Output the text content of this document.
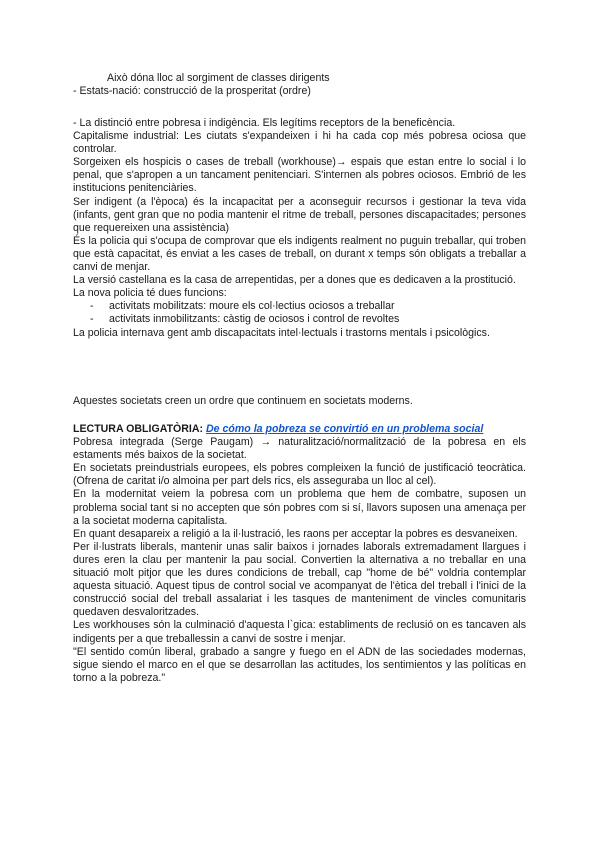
Això dóna lloc al sorgiment de classes dirigents

- Estats-nació: construcció de la prosperitat (ordre)

- La distinció entre pobresa i indigència. Els legítims receptors de la beneficència.

Capitalisme industrial: Les ciutats s'expandeixen i hi ha cada cop més pobresa ociosa que controlar.

Sorgeixen els hospicis o cases de treball (workhouse)→ espais que estan entre lo social i lo penal, que s'apropen a un tancament penitenciari. S'internen als pobres ociosos. Embrió de les institucions penitenciàries.

Ser indigent (a l'època) és la incapacitat per a aconseguir recursos i gestionar la teva vida (infants, gent gran que no podia mantenir el ritme de treball, persones discapacitades; persones que requereixen una assistència)

És la policia qui s'ocupa de comprovar que els indigents realment no puguin treballar, qui troben que està capacitat, és enviat a les cases de treball, on durant x temps són obligats a treballar a canvi de menjar.

La versió castellana es la casa de arrepentidas, per a dones que es dedicaven a la prostitució.

La nova policia té dues funcions:

- activitats mobilitzats: moure els col·lectius ociosos a treballar
- activitats inmobilitzants: càstig de ociosos i control de revoltes

La policia internava gent amb discapacitats intel·lectuals i trastorns mentals i psicològics.

Aquestes societats creen un ordre que continuem en societats moderns.

LECTURA OBLIGATÒRIA: De cómo la pobreza se convirtió en un problema social

Pobresa integrada (Serge Paugam) → naturalització/normalització de la pobresa en els estaments més baixos de la societat.

En societats preindustrials europees, els pobres compleixen la funció de justificació teocràtica. (Ofrena de caritat i/o almoina per part dels rics, els asseguraba un lloc al cel).

En la modernitat veiem la pobresa com un problema que hem de combatre, suposen un problema social tant si no accepten que són pobres com si sí, llavors suposen una amenaça per a la societat moderna capitalista.

En quant desapareix a religió a la il·lustració, les raons per acceptar la pobres es desvaneixen.

Per il·lustrats liberals, mantenir unas salir baixos i jornades laborals extremadament llargues i dures eren la clau per mantenir la pau social. Convertien la alternativa a no treballar en una situació molt pitjor que les dures condicions de treball, cap "home de bé" voldria contemplar aquesta situació. Aquest tipus de control social ve acompanyat de l'ètica del treball i l'inici de la construcció social del treball assalariat i les tasques de manteniment de vincles comunitaris quedaven desvaloritzades.

Les workhouses són la culminació d'aquesta l`gica: establiments de reclusió on es tancaven als indigents per a que treballessin a canvi de sostre i menjar.

"El sentido común liberal, grabado a sangre y fuego en el ADN de las sociedades modernas, sigue siendo el marco en el que se desarrollan las actitudes, los sentimientos y las políticas en torno a la pobreza."
